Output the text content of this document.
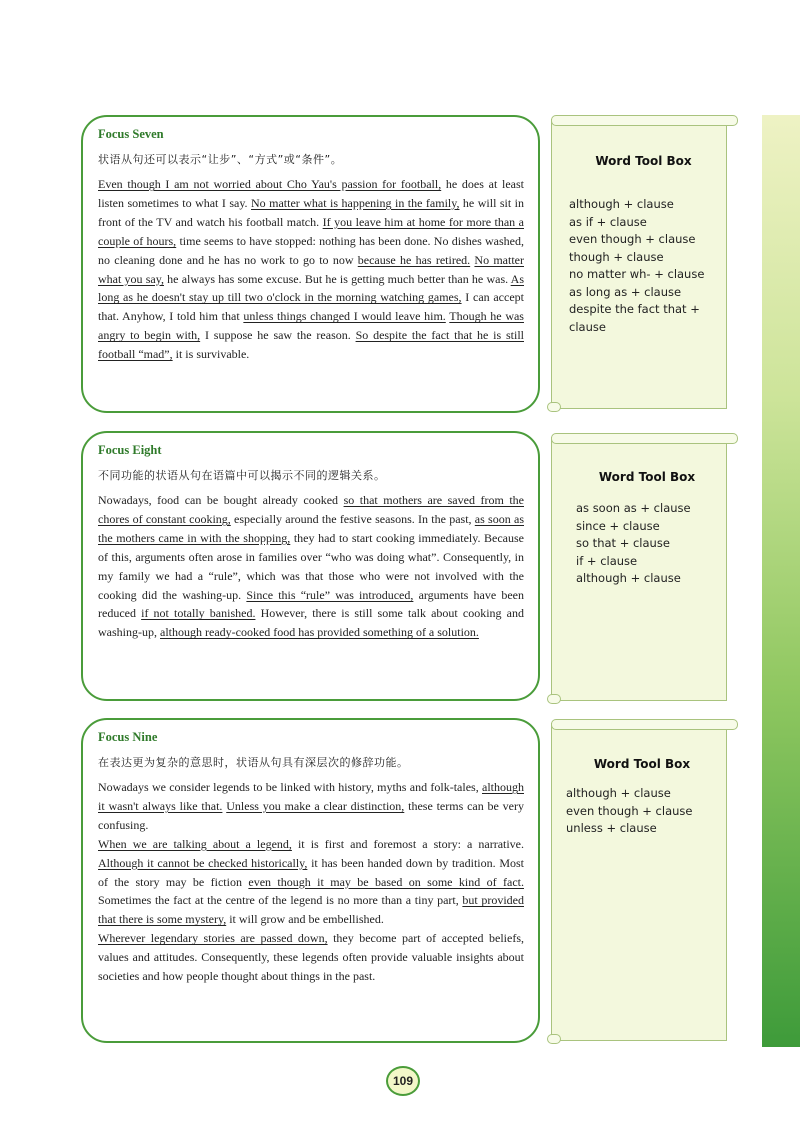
Focus Seven
状语从句还可以表示“让步”、“方式”或“条件”。

Even though I am not worried about Cho Yau's passion for football, he does at least listen sometimes to what I say. No matter what is happening in the family, he will sit in front of the TV and watch his football match. If you leave him at home for more than a couple of hours, time seems to have stopped: nothing has been done. No dishes washed, no cleaning done and he has no work to go to now because he has retired. No matter what you say, he always has some excuse. But he is getting much better than he was. As long as he doesn't stay up till two o'clock in the morning watching games, I can accept that. Anyhow, I told him that unless things changed I would leave him. Though he was angry to begin with, I suppose he saw the reason. So despite the fact that he is still football “mad”, it is survivable.

Word Tool Box
although + clause
as if + clause
even though + clause
though + clause
no matter wh- + clause
as long as + clause
despite the fact that + clause
Focus Eight
不同功能的状语从句在语篇中可以揭示不同的逻辑关系。

Nowadays, food can be bought already cooked so that mothers are saved from the chores of constant cooking, especially around the festive seasons. In the past, as soon as the mothers came in with the shopping, they had to start cooking immediately. Because of this, arguments often arose in families over “who was doing what”. Consequently, in my family we had a “rule”, which was that those who were not involved with the cooking did the washing-up. Since this “rule” was introduced, arguments have been reduced if not totally banished. However, there is still some talk about cooking and washing-up, although ready-cooked food has provided something of a solution.

Word Tool Box
as soon as + clause
since + clause
so that + clause
if + clause
although + clause
Focus Nine
在表达更为复杂的意思时，状语从句具有深层次的修辞功能。

Nowadays we consider legends to be linked with history, myths and folk-tales, although it wasn't always like that. Unless you make a clear distinction, these terms can be very confusing.

When we are talking about a legend, it is first and foremost a story: a narrative. Although it cannot be checked historically, it has been handed down by tradition. Most of the story may be fiction even though it may be based on some kind of fact. Sometimes the fact at the centre of the legend is no more than a tiny part, but provided that there is some mystery, it will grow and be embellished.

Wherever legendary stories are passed down, they become part of accepted beliefs, values and attitudes. Consequently, these legends often provide valuable insights about societies and how people thought about things in the past.

Word Tool Box
although + clause
even though + clause
unless + clause
109
